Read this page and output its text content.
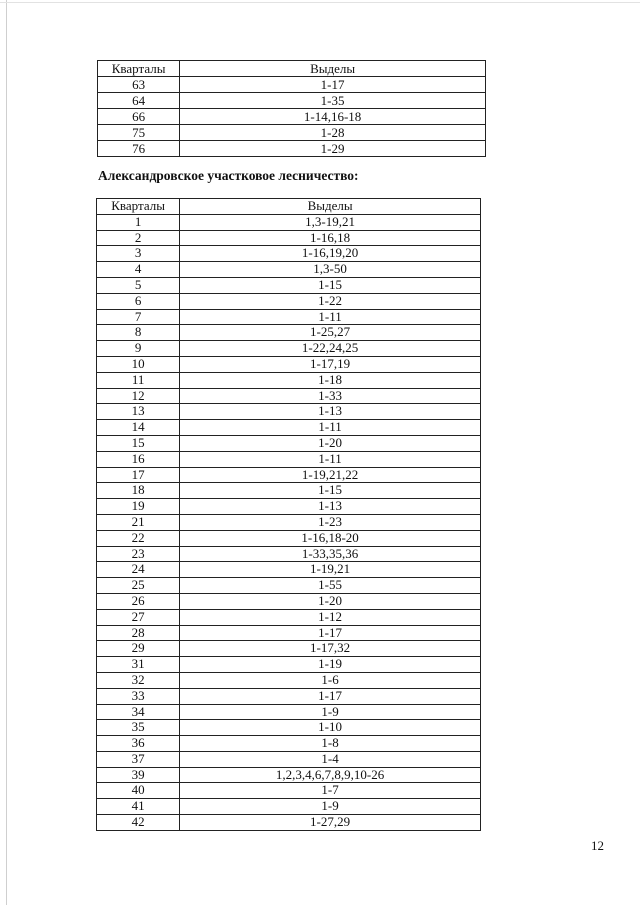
Кварталы	Выделы
63	1-17
64	1-35
66	1-14,16-18
75	1-28
76	1-29
Александровское участковое лесничество:
Кварталы	Выделы
1	1,3-19,21
2	1-16,18
3	1-16,19,20
4	1,3-50
5	1-15
6	1-22
7	1-11
8	1-25,27
9	1-22,24,25
10	1-17,19
11	1-18
12	1-33
13	1-13
14	1-11
15	1-20
16	1-11
17	1-19,21,22
18	1-15
19	1-13
21	1-23
22	1-16,18-20
23	1-33,35,36
24	1-19,21
25	1-55
26	1-20
27	1-12
28	1-17
29	1-17,32
31	1-19
32	1-6
33	1-17
34	1-9
35	1-10
36	1-8
37	1-4
39	1,2,3,4,6,7,8,9,10-26
40	1-7
41	1-9
42	1-27,29
12
